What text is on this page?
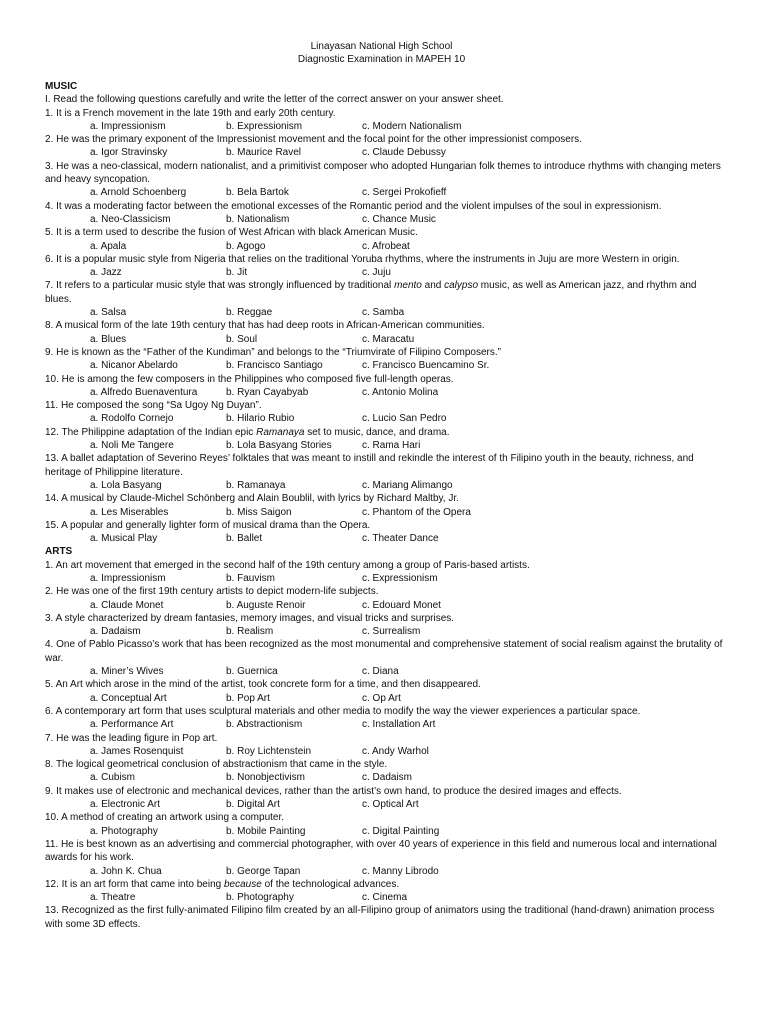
Linayasan National High School
Diagnostic Examination in MAPEH 10
MUSIC
I. Read the following questions carefully and write the letter of the correct answer on your answer sheet.
1. It is a French movement in the late 19th and early 20th century.
a. Impressionism	b. Expressionism	c. Modern Nationalism
2. He was the primary exponent of the Impressionist movement and the focal point for the other impressionist composers.
a. Igor Stravinsky	b. Maurice Ravel	c. Claude Debussy
3. He was a neo-classical, modern nationalist, and a primitivist composer who adopted Hungarian folk themes to introduce rhythms with changing meters and heavy syncopation.
a. Arnold Schoenberg	b. Bela Bartok	c. Sergei Prokofieff
4. It was a moderating factor between the emotional excesses of the Romantic period and the violent impulses of the soul in expressionism.
a. Neo-Classicism	b. Nationalism	c. Chance Music
5. It is a term used to describe the fusion of West African with black American Music.
a. Apala	b. Agogo	c. Afrobeat
6. It is a popular music style from Nigeria that relies on the traditional Yoruba rhythms, where the instruments in Juju are more Western in origin.
a. Jazz	b. Jit	c. Juju
7. It refers to a particular music style that was strongly influenced by traditional mento and calypso music, as well as American jazz, and rhythm and blues.
a. Salsa	b. Reggae	c. Samba
8. A musical form of the late 19th century that has had deep roots in African-American communities.
a. Blues	b. Soul	c. Maracatu
9. He is known as the “Father of the Kundiman” and belongs to the “Triumvirate of Filipino Composers.”
a. Nicanor Abelardo	b. Francisco Santiago	c. Francisco Buencamino Sr.
10. He is among the few composers in the Philippines who composed five full-length operas.
a. Alfredo Buenaventura	b. Ryan Cayabyab	c. Antonio Molina
11. He composed the song “Sa Ugoy Ng Duyan”.
a. Rodolfo Cornejo	b. Hilario Rubio	c. Lucio San Pedro
12. The Philippine adaptation of the Indian epic Ramanaya set to music, dance, and drama.
a. Noli Me Tangere	b. Lola Basyang Stories	c. Rama Hari
13. A ballet adaptation of Severino Reyes’ folktales that was meant to instill and rekindle the interest of th Filipino youth in the beauty, richness, and heritage of Philippine literature.
a. Lola Basyang	b. Ramanaya	c. Mariang Alimango
14. A musical by Claude-Michel Schönberg and Alain Boublil, with lyrics by Richard Maltby, Jr.
a. Les Miserables	b. Miss Saigon	c. Phantom of the Opera
15. A popular and generally lighter form of musical drama than the Opera.
a. Musical Play	b. Ballet	c. Theater Dance
ARTS
1. An art movement that emerged in the second half of the 19th century among a group of Paris-based artists.
a. Impressionism	b. Fauvism	c. Expressionism
2. He was one of the first 19th century artists to depict modern-life subjects.
a. Claude Monet	b. Auguste Renoir	c. Edouard Monet
3. A style characterized by dream fantasies, memory images, and visual tricks and surprises.
a. Dadaism	b. Realism	c. Surrealism
4. One of Pablo Picasso’s work that has been recognized as the most monumental and comprehensive statement of social realism against the brutality of war.
a. Miner’s Wives	b. Guernica	c. Diana
5. An Art which arose in the mind of the artist, took concrete form for a time, and then disappeared.
a. Conceptual Art	b. Pop Art	c. Op Art
6. A contemporary art form that uses sculptural materials and other media to modify the way the viewer experiences a particular space.
a. Performance Art	b. Abstractionism	c. Installation Art
7. He was the leading figure in Pop art.
a. James Rosenquist	b. Roy Lichtenstein	c. Andy Warhol
8. The logical geometrical conclusion of abstractionism that came in the style.
a. Cubism	b. Nonobjectivism	c. Dadaism
9. It makes use of electronic and mechanical devices, rather than the artist’s own hand, to produce the desired images and effects.
a. Electronic Art	b. Digital Art	c. Optical Art
10. A method of creating an artwork using a computer.
a. Photography	b. Mobile Painting	c. Digital Painting
11. He is best known as an advertising and commercial photographer, with over 40 years of experience in this field and numerous local and international awards for his work.
a. John K. Chua	b. George Tapan	c. Manny Librodo
12. It is an art form that came into being because of the technological advances.
a. Theatre	b. Photography	c. Cinema
13. Recognized as the first fully-animated Filipino film created by an all-Filipino group of animators using the traditional (hand-drawn) animation process with some 3D effects.
